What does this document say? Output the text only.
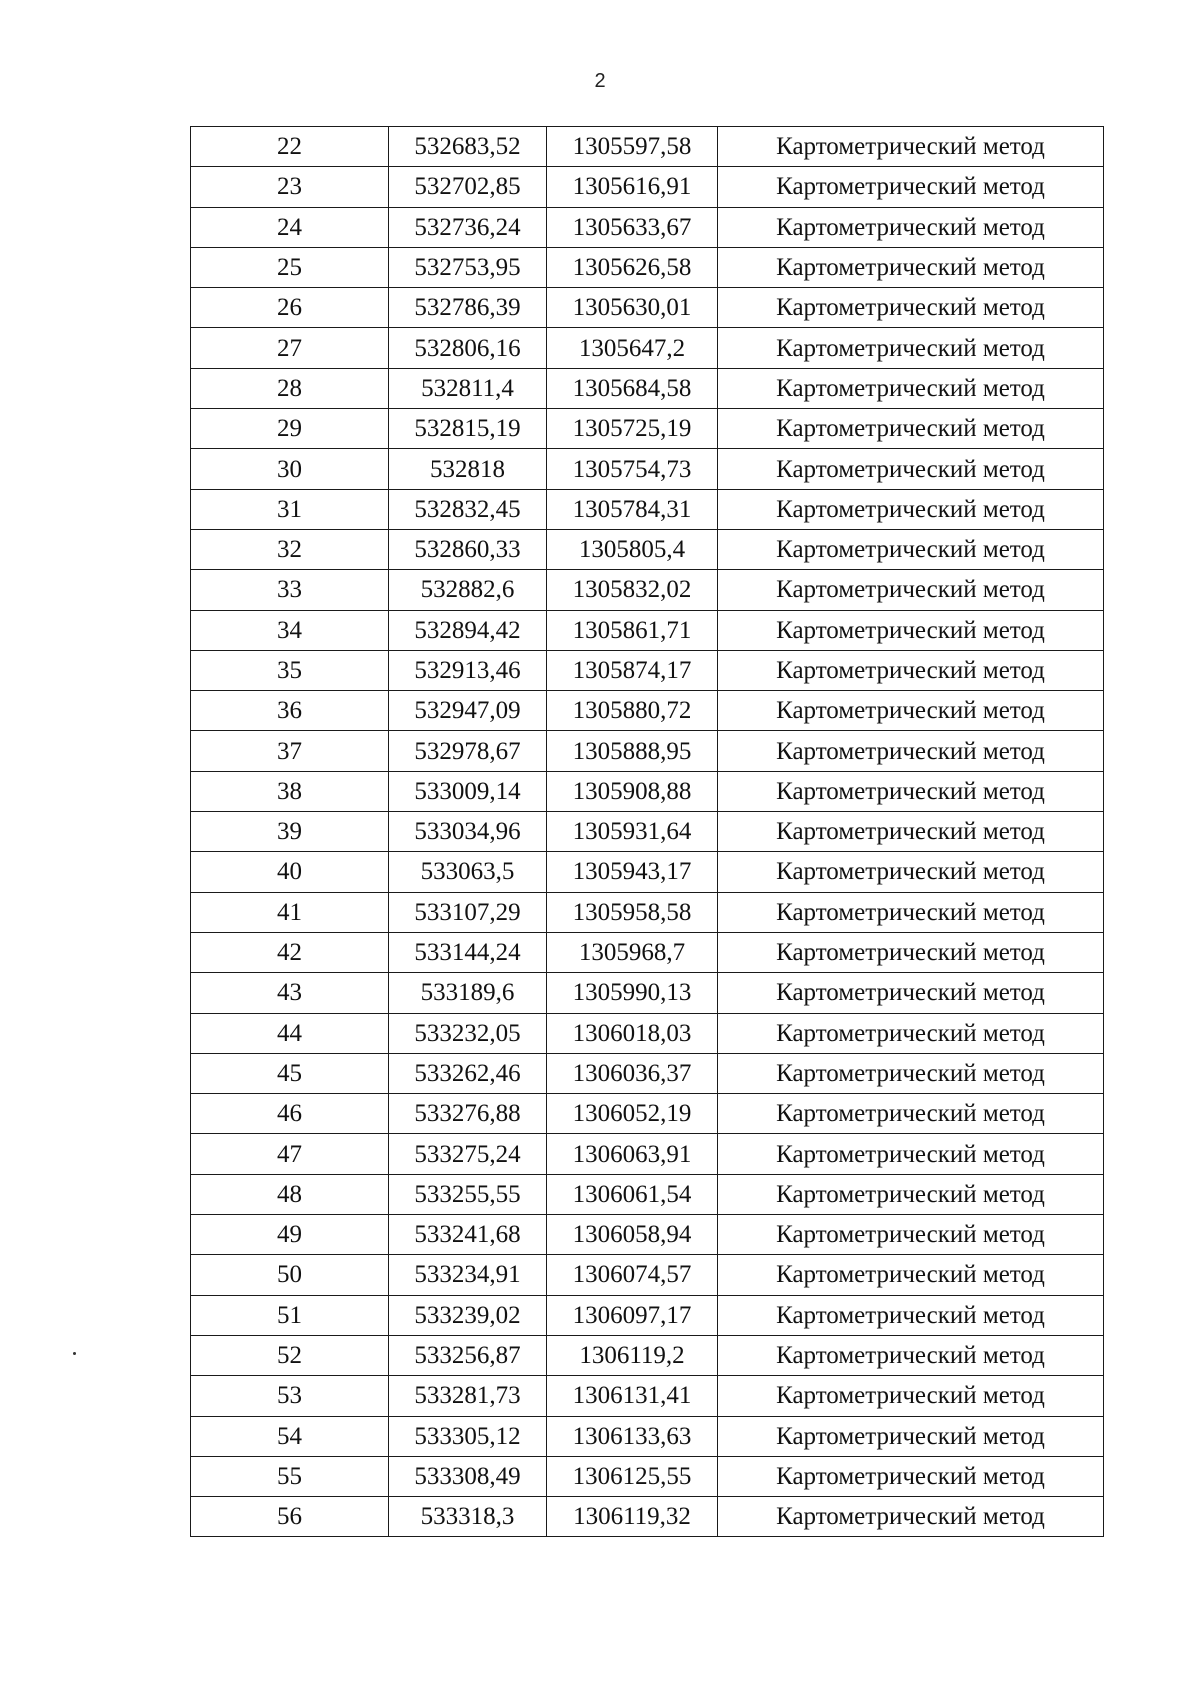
2
22	532683,52	1305597,58	Картометрический метод
23	532702,85	1305616,91	Картометрический метод
24	532736,24	1305633,67	Картометрический метод
25	532753,95	1305626,58	Картометрический метод
26	532786,39	1305630,01	Картометрический метод
27	532806,16	1305647,2	Картометрический метод
28	532811,4	1305684,58	Картометрический метод
29	532815,19	1305725,19	Картометрический метод
30	532818	1305754,73	Картометрический метод
31	532832,45	1305784,31	Картометрический метод
32	532860,33	1305805,4	Картометрический метод
33	532882,6	1305832,02	Картометрический метод
34	532894,42	1305861,71	Картометрический метод
35	532913,46	1305874,17	Картометрический метод
36	532947,09	1305880,72	Картометрический метод
37	532978,67	1305888,95	Картометрический метод
38	533009,14	1305908,88	Картометрический метод
39	533034,96	1305931,64	Картометрический метод
40	533063,5	1305943,17	Картометрический метод
41	533107,29	1305958,58	Картометрический метод
42	533144,24	1305968,7	Картометрический метод
43	533189,6	1305990,13	Картометрический метод
44	533232,05	1306018,03	Картометрический метод
45	533262,46	1306036,37	Картометрический метод
46	533276,88	1306052,19	Картометрический метод
47	533275,24	1306063,91	Картометрический метод
48	533255,55	1306061,54	Картометрический метод
49	533241,68	1306058,94	Картометрический метод
50	533234,91	1306074,57	Картометрический метод
51	533239,02	1306097,17	Картометрический метод
52	533256,87	1306119,2	Картометрический метод
53	533281,73	1306131,41	Картометрический метод
54	533305,12	1306133,63	Картометрический метод
55	533308,49	1306125,55	Картометрический метод
56	533318,3	1306119,32	Картометрический метод
